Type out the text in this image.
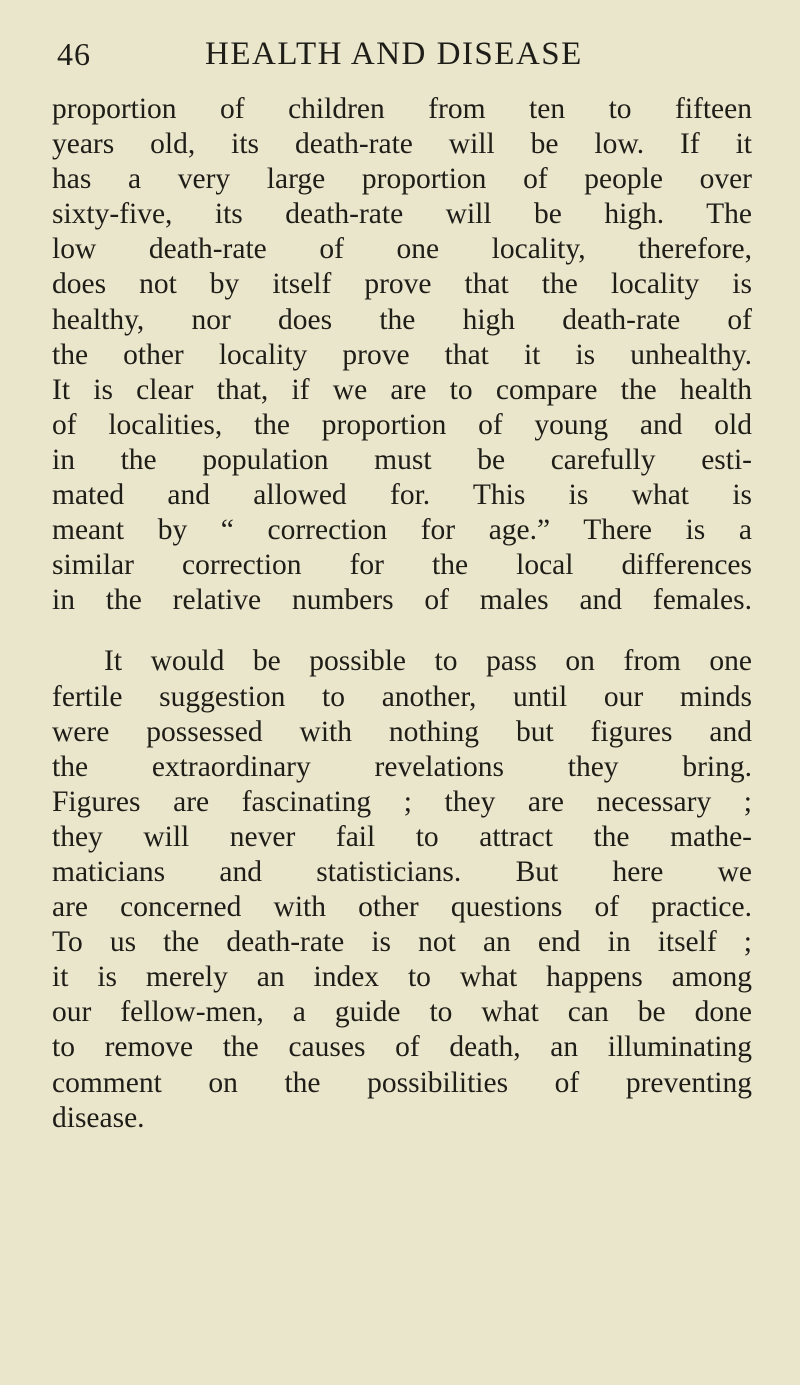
46	HEALTH AND DISEASE
proportion of children from ten to fifteen
years old, its death-rate will be low. If it
has a very large proportion of people over
sixty-five, its death-rate will be high. The
low death-rate of one locality, therefore,
does not by itself prove that the locality is
healthy, nor does the high death-rate of
the other locality prove that it is unhealthy.
It is clear that, if we are to compare the health
of localities, the proportion of young and old
in the population must be carefully esti-
mated and allowed for. This is what is
meant by “ correction for age.” There is a
similar correction for the local differences
in the relative numbers of males and females.
It would be possible to pass on from one
fertile suggestion to another, until our minds
were possessed with nothing but figures and
the extraordinary revelations they bring.
Figures are fascinating ; they are necessary ;
they will never fail to attract the mathe-
maticians and statisticians. But here we
are concerned with other questions of practice.
To us the death-rate is not an end in itself ;
it is merely an index to what happens among
our fellow-men, a guide to what can be done
to remove the causes of death, an illuminating
comment on the possibilities of preventing
disease.
